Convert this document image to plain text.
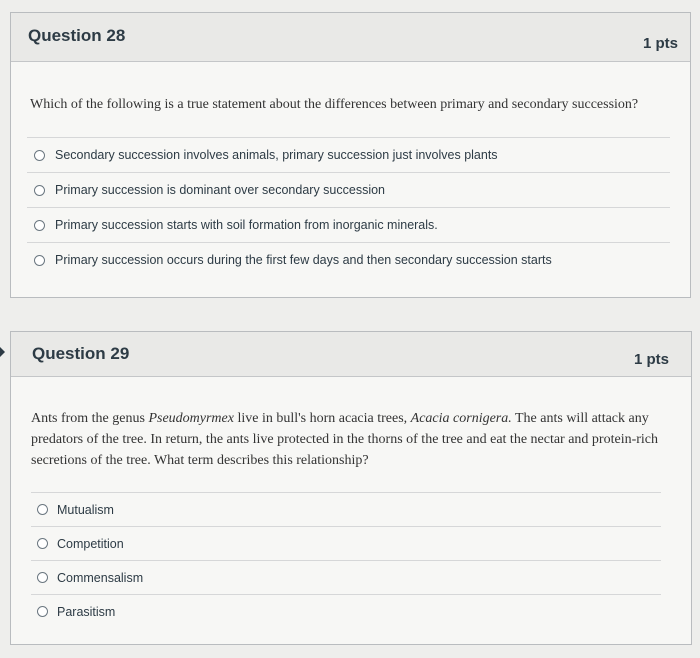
Question 28	1 pts
Which of the following is a true statement about the differences between primary and secondary succession?
Secondary succession involves animals, primary succession just involves plants
Primary succession is dominant over secondary succession
Primary succession starts with soil formation from inorganic minerals.
Primary succession occurs during the first few days and then secondary succession starts
Question 29	1 pts
Ants from the genus Pseudomyrmex live in bull's horn acacia trees, Acacia cornigera. The ants will attack any predators of the tree. In return, the ants live protected in the thorns of the tree and eat the nectar and protein-rich secretions of the tree. What term describes this relationship?
Mutualism
Competition
Commensalism
Parasitism
